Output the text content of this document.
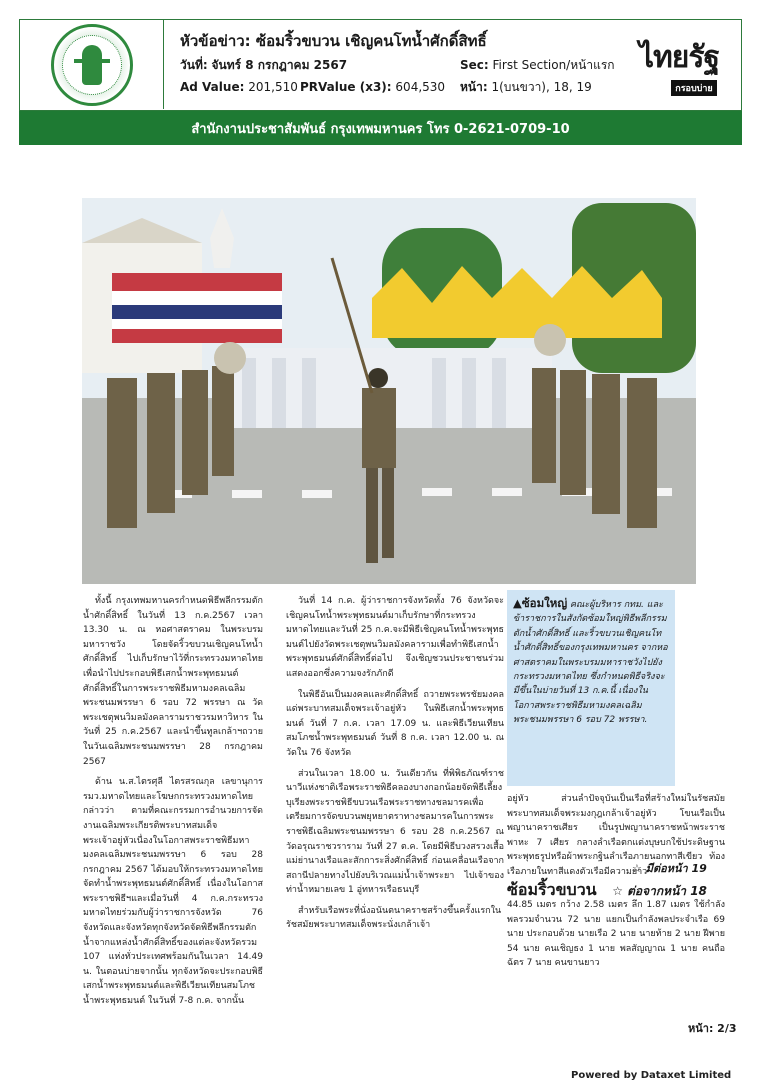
หัวข้อข่าว: ซ้อมริ้วขบวน เชิญคนโทน้ำศักดิ์สิทธิ์
วันที่: จันทร์ 8 กรกฎาคม 2567	Sec: First Section/หน้าแรก
Ad Value: 201,510 PRValue (x3): 604,530 หน้า: 1(บนขวา), 18, 19
ไทยรัฐ
กรอบบ่าย
สำนักงานประชาสัมพันธ์ กรุงเทพมหานคร โทร 0-2621-0709-10

ทั้งนี้ กรุงเทพมหานครกำหนดพิธีพลีกรรมตักน้ำศักดิ์สิทธิ์ ในวันที่ 13 ก.ค.2567 เวลา 13.30 น. ณ หอศาสตราคม ในพระบรมมหาราชวัง โดยจัดริ้วขบวนเชิญคนโทน้ำศักดิ์สิทธิ์ ไปเก็บรักษาไว้ที่กระทรวงมหาดไทย เพื่อนำไปประกอบพิธีเสกน้ำพระพุทธมนต์ศักดิ์สิทธิ์ในการพระราชพิธีมหามงคลเฉลิมพระชนมพรรษา 6 รอบ 72 พรรษา ณ วัดพระเชตุพนวิมลมังคลารามราชวรมหาวิหาร ในวันที่ 25 ก.ค.2567 และนำขึ้นทูลเกล้าฯถวายในวันเฉลิมพระชนมพรรษา 28 กรกฎาคม 2567

ด้าน น.ส.ไตรศุลี ไตรสรณกุล เลขานุการ รมว.มหาดไทยและโฆษกกระทรวงมหาดไทยกล่าวว่า ตามที่คณะกรรมการอำนวยการจัดงานเฉลิมพระเกียรติพระบาทสมเด็จพระเจ้าอยู่หัวเนื่องในโอกาสพระราชพิธีมหามงคลเฉลิมพระชนมพรรษา 6 รอบ 28 กรกฎาคม 2567 ได้มอบให้กระทรวงมหาดไทยจัดทำน้ำพระพุทธมนต์ศักดิ์สิทธิ์ เนื่องในโอกาสพระราชพิธีฯและเมื่อวันที่ 4 ก.ค.กระทรวงมหาดไทยร่วมกับผู้ว่าราชการจังหวัด 76 จังหวัดและจังหวัดทุกจังหวัดจัดพิธีพลีกรรมตักน้ำจากแหล่งน้ำศักดิ์สิทธิ์ของแต่ละจังหวัดรวม 107 แห่งทั่วประเทศพร้อมกันในเวลา 14.49 น. ในตอนบ่ายจากนั้น ทุกจังหวัดจะประกอบพิธีเสกน้ำพระพุทธมนต์และพิธีเวียนเทียนสมโภชน้ำพระพุทธมนต์ ในวันที่ 7-8 ก.ค. จากนั้น

วันที่ 14 ก.ค. ผู้ว่าราชการจังหวัดทั้ง 76 จังหวัดจะเชิญคนโทน้ำพระพุทธมนต์มาเก็บรักษาที่กระทรวงมหาดไทยและวันที่ 25 ก.ค.จะมีพิธีเชิญคนโทน้ำพระพุทธมนต์ไปยังวัดพระเชตุพนวิมลมังคลารามเพื่อทำพิธีเสกน้ำพระพุทธมนต์ศักดิ์สิทธิ์ต่อไป จึงเชิญชวนประชาชนร่วมแสดงออกซึ่งความจงรักภักดี

ในพิธีอันเป็นมงคลและศักดิ์สิทธิ์ ถวายพระพรชัยมงคลแด่พระบาทสมเด็จพระเจ้าอยู่หัว ในพิธีเสกน้ำพระพุทธมนต์ วันที่ 7 ก.ค. เวลา 17.09 น. และพิธีเวียนเทียนสมโภชน้ำพระพุทธมนต์ วันที่ 8 ก.ค. เวลา 12.00 น. ณ วัดใน 76 จังหวัด

ส่วนในเวลา 18.00 น. วันเดียวกัน ที่พิพิธภัณฑ์ราชนาวีแห่งชาติเรือพระราชพิธีคลองบางกอกน้อยจัดพิธีเลี้ยงบุเรียงพระราชพิธีขบวนเรือพระราชทางชลมารคเพื่อเตรียมการจัดขบวนพยุหยาตราทางชลมารคในการพระราชพิธีเฉลิมพระชนมพรรษา 6 รอบ 28 ก.ค.2567 ณ วัดอรุณราชวราราม วันที่ 27 ต.ค. โดยมีพิธีบวงสรวงเสื้อแม่ย่านางเรือและสักการะสิ่งศักดิ์สิทธิ์ ก่อนเคลื่อนเรือจากสถานีปลายทางไปยังบริเวณแม่น้ำเจ้าพระยา ไปเจ้าของ ท่าน้ำหมายเลข 1 อู่ทหารเรือธนบุรี

สำหรับเรือพระที่นั่งอนันตนาคราชสร้างขึ้นครั้งแรกในรัชสมัยพระบาทสมเด็จพระนั่งเกล้าเจ้า

▲ซ้อมใหญ่ คณะผู้บริหาร กทม. และข้าราชการในสังกัดซ้อมใหญ่พิธีพลีกรรมตักน้ำศักดิ์สิทธิ์ และริ้วขบวนเชิญคนโทน้ำศักดิ์สิทธิ์ของกรุงเทพมหานคร จากหอศาสตราคมในพระบรมมหาราชวังไปยังกระทรวงมหาดไทย ซึ่งกำหนดพิธีจริงจะมีขึ้นในบ่ายวันที่ 13 ก.ค.นี้ เนื่องในโอกาสพระราชพิธีมหามงคลเฉลิมพระชนมพรรษา 6 รอบ 72 พรรษา.

อยู่หัว ส่วนลำปัจจุบันเป็นเรือที่สร้างใหม่ในรัชสมัยพระบาทสมเด็จพระมงกุฎเกล้าเจ้าอยู่หัว โขนเรือเป็นพญานาคราชเศียร เป็นรูปพญานาคราชหน้าพระราชพาหะ 7 เศียร กลางลำเรือตกแต่งบุษบกใช้ประดิษฐานพระพุทธรูปหรือผ้าพระกฐินลำเรือภายนอกทาสีเขียว ท้องเรือภายในทาสีแดงตัวเรือมีความยาว

☆ มีต่อหน้า 19
ซ้อมริ้วขบวน ☆ ต่อจากหน้า 18

44.85 เมตร กว้าง 2.58 เมตร ลึก 1.87 เมตร ใช้กำลังพลรวมจำนวน 72 นาย แยกเป็นกำลังพลประจำเรือ 69 นาย ประกอบด้วย นายเรือ 2 นาย นายท้าย 2 นาย ฝีพาย 54 นาย คนเชิญธง 1 นาย พลสัญญาณ 1 นาย คนถือฉัตร 7 นาย คนขานยาว

หน้า: 2/3
Powered by Dataxet Limited
